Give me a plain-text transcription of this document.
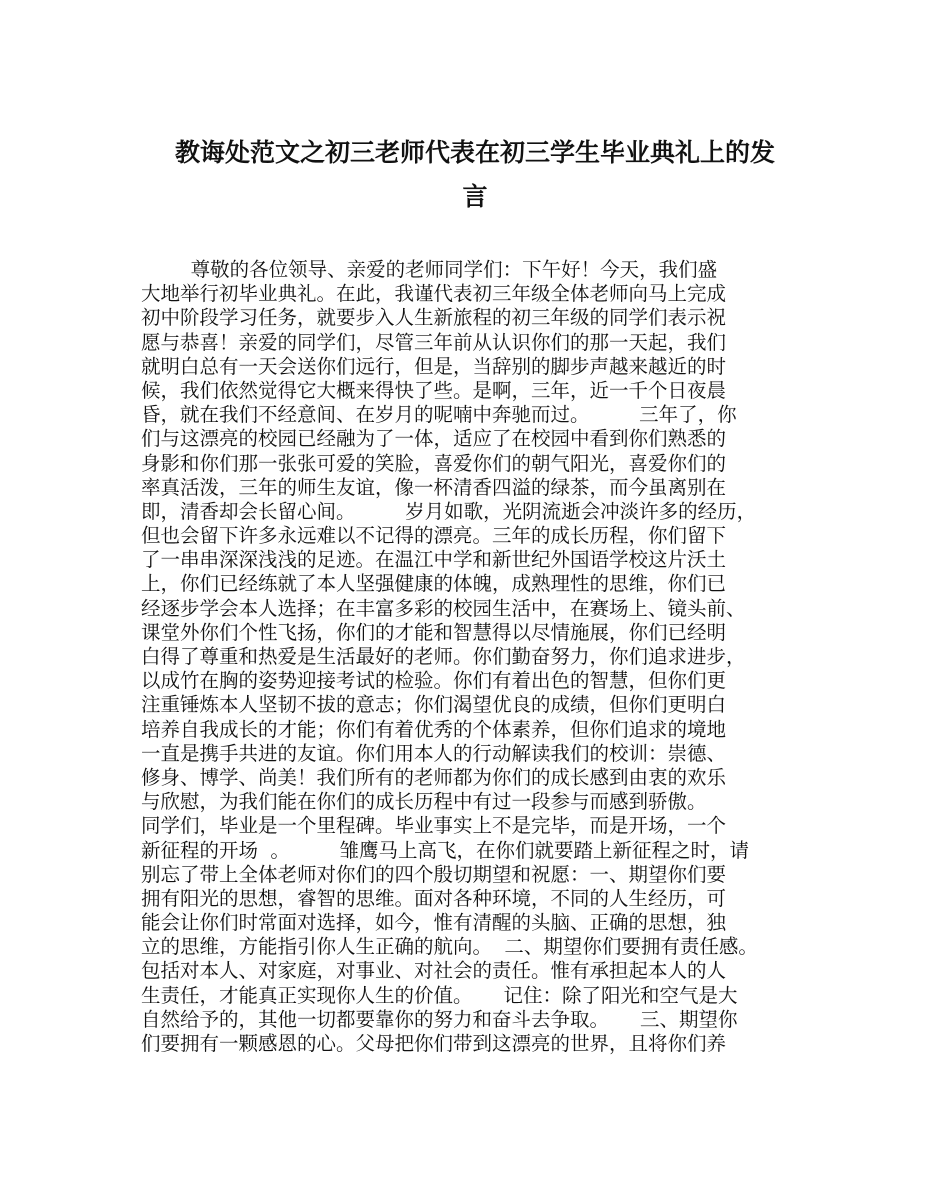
教诲处范文之初三老师代表在初三学生毕业典礼上的发
言
尊敬的各位领导、亲爱的老师同学们：下午好！今天，我们盛
大地举行初毕业典礼。在此，我谨代表初三年级全体老师向马上完成
初中阶段学习任务，就要步入人生新旅程的初三年级的同学们表示祝
愿与恭喜！亲爱的同学们，尽管三年前从认识你们的那一天起，我们
就明白总有一天会送你们远行，但是，当辞别的脚步声越来越近的时
候，我们依然觉得它大概来得快了些。是啊，三年，近一千个日夜晨
昏，就在我们不经意间、在岁月的呢喃中奔驰而过。        三年了，你
们与这漂亮的校园已经融为了一体，适应了在校园中看到你们熟悉的
身影和你们那一张张可爱的笑脸，喜爱你们的朝气阳光，喜爱你们的
率真活泼，三年的师生友谊，像一杯清香四溢的绿茶，而今虽离别在
即，清香却会长留心间。        岁月如歌，光阴流逝会冲淡许多的经历，
但也会留下许多永远难以不记得的漂亮。三年的成长历程，你们留下
了一串串深深浅浅的足迹。在温江中学和新世纪外国语学校这片沃土
上，你们已经练就了本人坚强健康的体魄，成熟理性的思维，你们已
经逐步学会本人选择；在丰富多彩的校园生活中，在赛场上、镜头前、
课堂外你们个性飞扬，你们的才能和智慧得以尽情施展，你们已经明
白得了尊重和热爱是生活最好的老师。你们勤奋努力，你们追求进步，
以成竹在胸的姿势迎接考试的检验。你们有着出色的智慧，但你们更
注重锤炼本人坚韧不拔的意志；你们渴望优良的成绩，但你们更明白
培养自我成长的才能；你们有着优秀的个体素养，但你们追求的境地
一直是携手共进的友谊。你们用本人的行动解读我们的校训：崇德、
修身、博学、尚美！我们所有的老师都为你们的成长感到由衷的欢乐
与欣慰，为我们能在你们的成长历程中有过一段参与而感到骄傲。
同学们，毕业是一个里程碑。毕业事实上不是完毕，而是开场，一个
新征程的开场  。        雏鹰马上高飞，在你们就要踏上新征程之时，请
别忘了带上全体老师对你们的四个殷切期望和祝愿：一、期望你们要
拥有阳光的思想，睿智的思维。面对各种环境，不同的人生经历，可
能会让你们时常面对选择，如今，惟有清醒的头脑、正确的思想，独
立的思维，方能指引你人生正确的航向。  二、期望你们要拥有责任感。
包括对本人、对家庭，对事业、对社会的责任。惟有承担起本人的人
生责任，才能真正实现你人生的价值。     记住：除了阳光和空气是大
自然给予的，其他一切都要靠你的努力和奋斗去争取。     三、期望你
们要拥有一颗感恩的心。父母把你们带到这漂亮的世界，且将你们养
